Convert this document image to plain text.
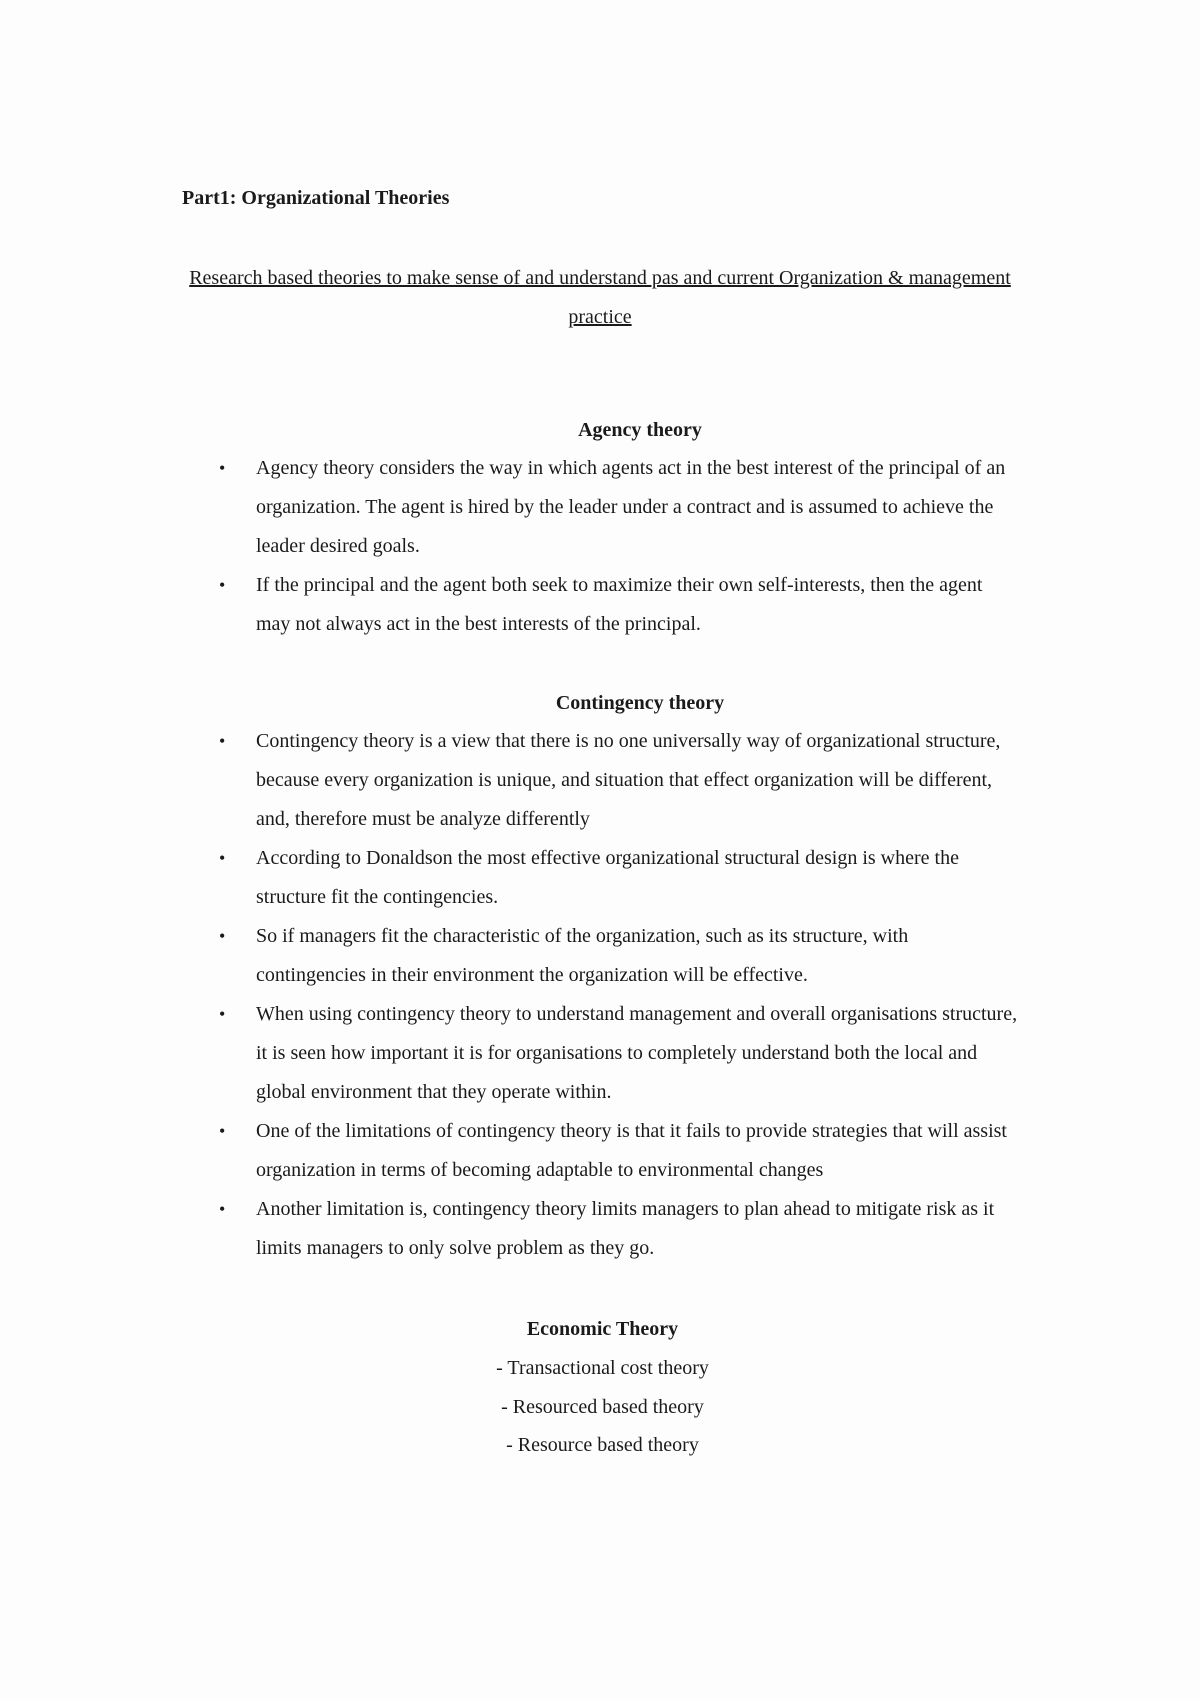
Part1: Organizational Theories

Research based theories to make sense of and understand pas and current Organization & management practice

Agency theory
• Agency theory considers the way in which agents act in the best interest of the principal of an organization. The agent is hired by the leader under a contract and is assumed to achieve the leader desired goals.
• If the principal and the agent both seek to maximize their own self-interests, then the agent may not always act in the best interests of the principal.
Contingency theory
• Contingency theory is a view that there is no one universally way of organizational structure, because every organization is unique, and situation that effect organization will be different, and, therefore must be analyze differently
• According to Donaldson the most effective organizational structural design is where the structure fit the contingencies.
• So if managers fit the characteristic of the organization, such as its structure, with contingencies in their environment the organization will be effective.
• When using contingency theory to understand management and overall organisations structure, it is seen how important it is for organisations to completely understand both the local and global environment that they operate within.
• One of the limitations of contingency theory is that it fails to provide strategies that will assist organization in terms of becoming adaptable to environmental changes
• Another limitation is, contingency theory limits managers to plan ahead to mitigate risk as it limits managers to only solve problem as they go.
Economic Theory
- Transactional cost theory
- Resourced based theory
- Resource based theory
